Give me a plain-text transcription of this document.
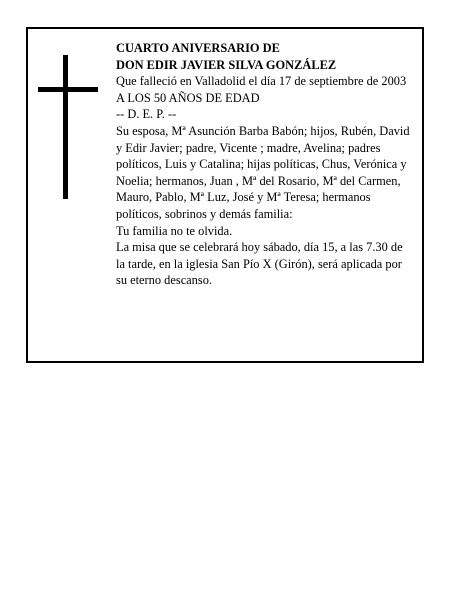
CUARTO ANIVERSARIO DE

DON EDIR JAVIER SILVA GONZÁLEZ

Que falleció en Valladolid el día 17 de septiembre de 2003

A LOS 50 AÑOS DE EDAD

-- D. E. P. --

Su esposa, Mª Asunción Barba Babón; hijos, Rubén, David y Edir Javier; padre, Vicente ; madre, Avelina; padres políticos, Luis y Catalina; hijas políticas, Chus, Verónica y Noelia; hermanos, Juan , Mª del Rosario, Mª del Carmen, Mauro, Pablo, Mª Luz, José y Mª Teresa; hermanos políticos, sobrinos y demás familia:

Tu familia no te olvida.

La misa que se celebrará hoy sábado, día 15, a las 7.30 de la tarde, en la iglesia San Pío X (Girón), será aplicada por su eterno descanso.
